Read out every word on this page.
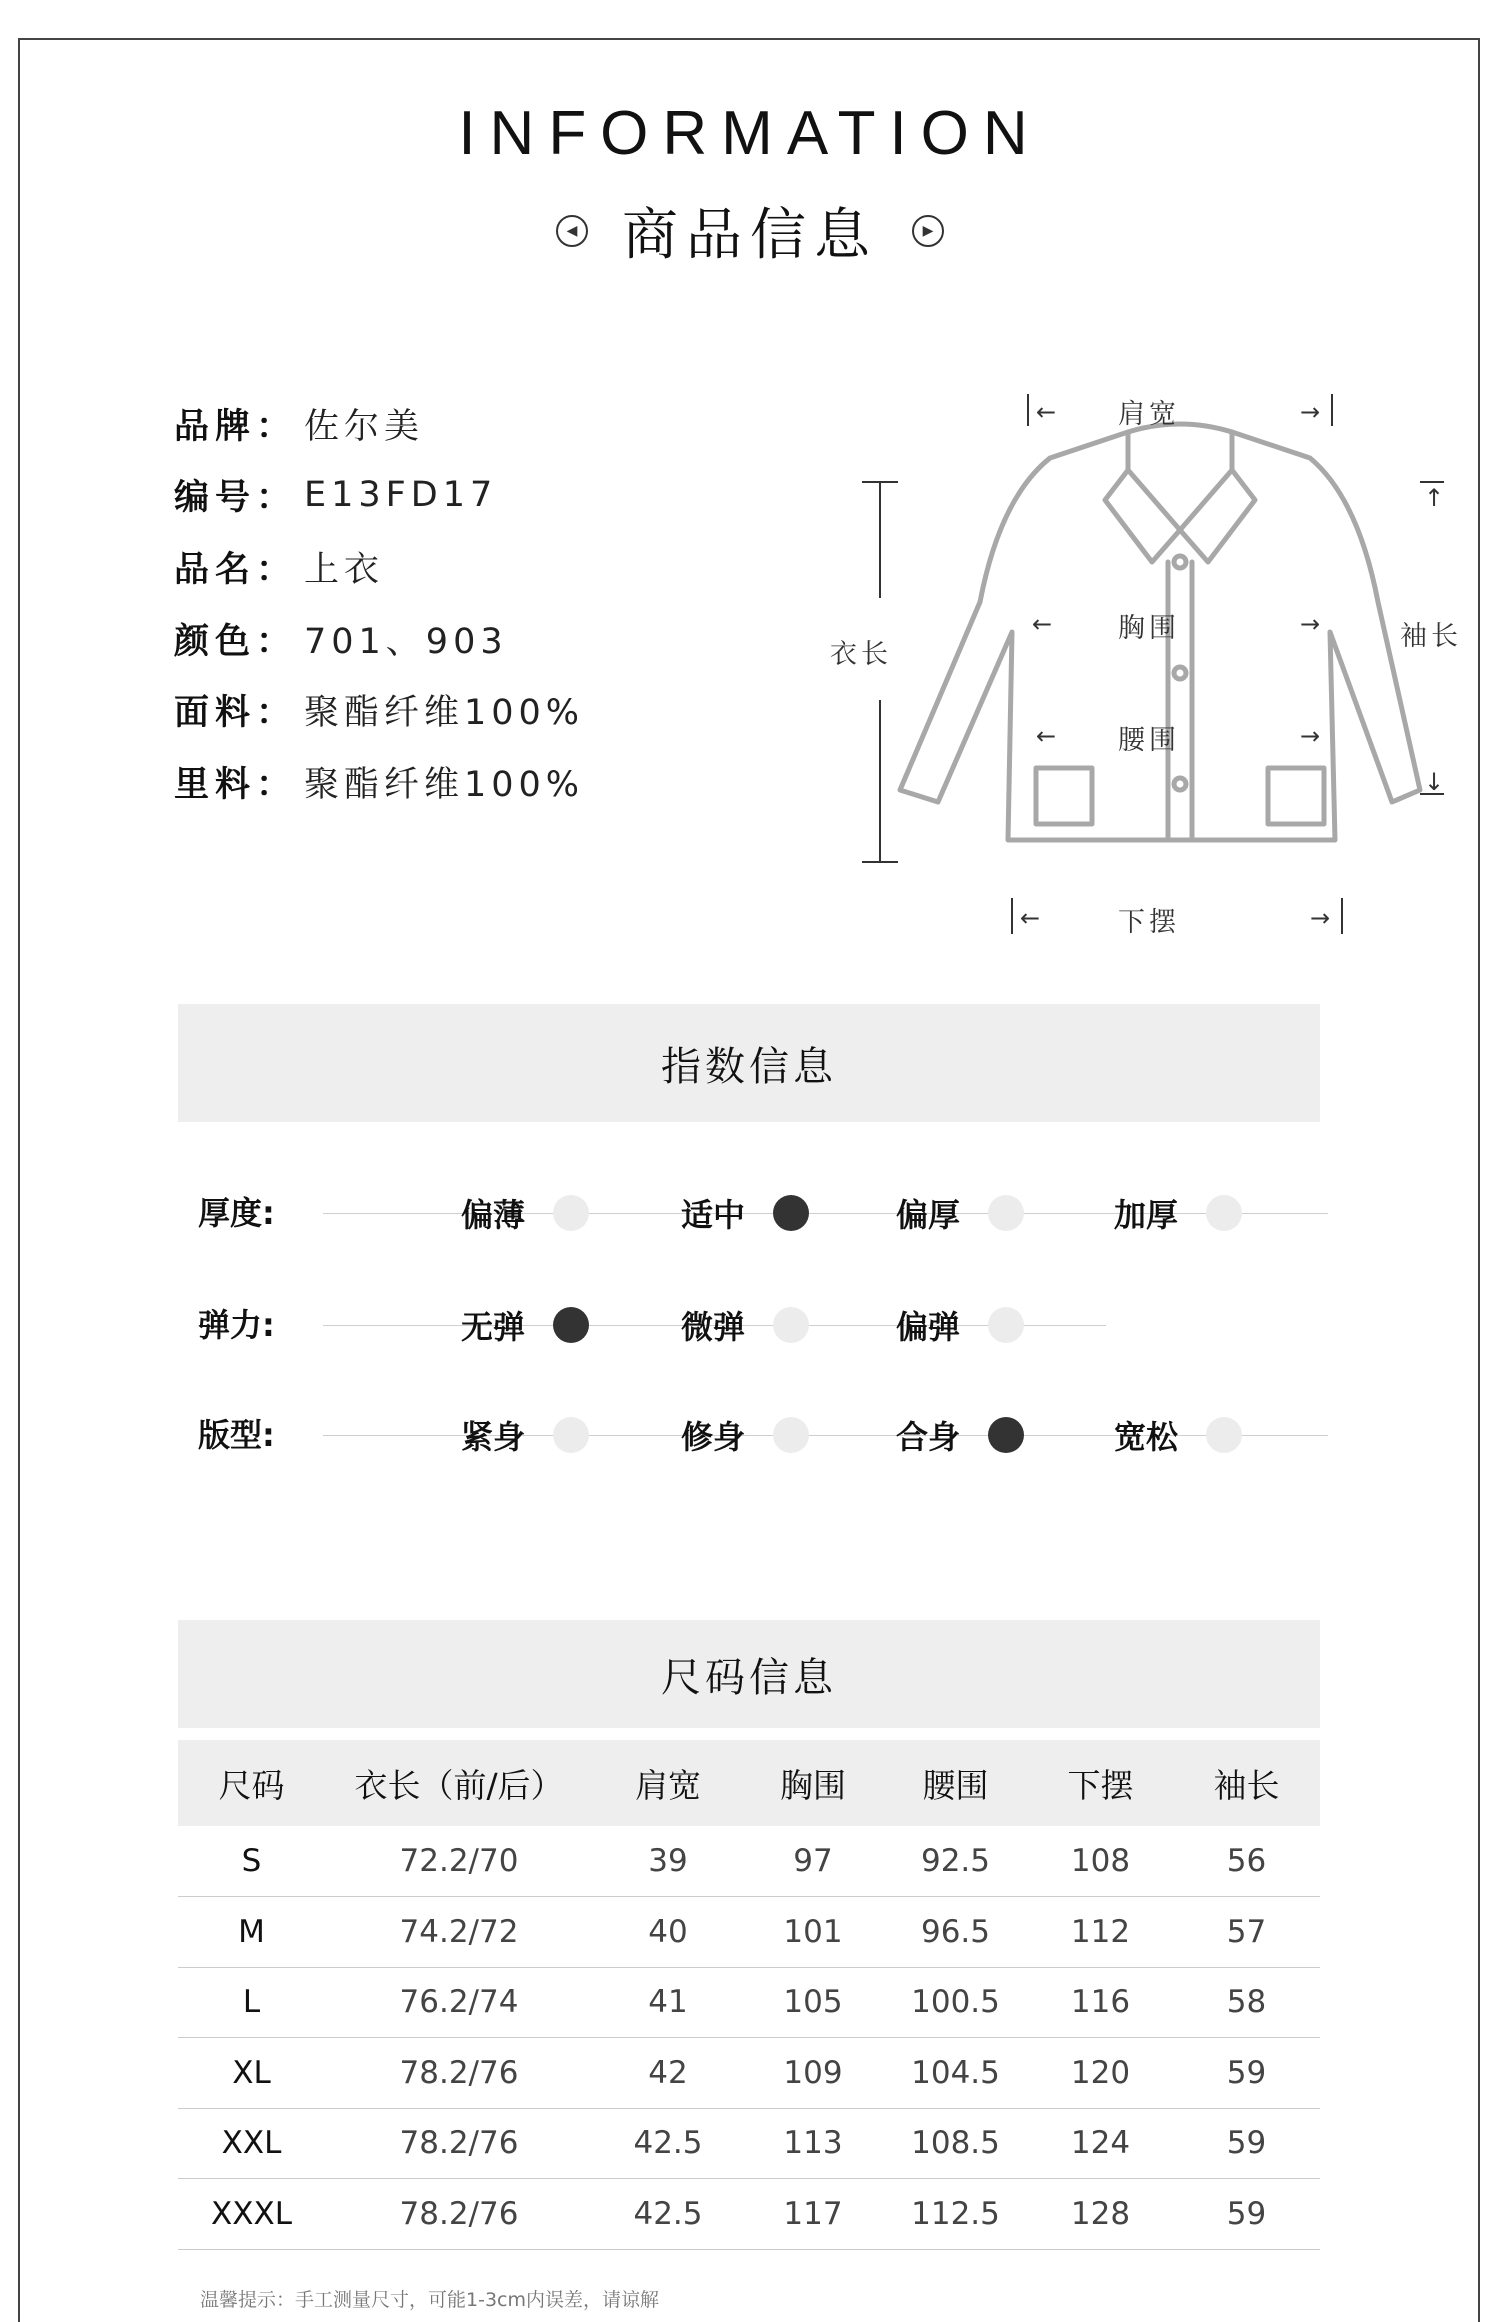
INFORMATION
◀ 商品信息	▶
品牌： 佐尔美
编号： E13FD17
品名： 上衣
颜色： 701、903
面料： 聚酯纤维100%
里料： 聚酯纤维100%
←	→
←	→
←	→
←	→
↑
↓
肩宽
衣长
胸围
腰围
袖长
下摆
指数信息
厚度:	偏薄	适中	偏厚	加厚
弹力:	无弹	微弹	偏弹
版型:	紧身	修身	合身	宽松
尺码信息
尺码	衣长（前/后）	肩宽	胸围	腰围	下摆	袖长
S	72.2/70	39	97	92.5	108	56
M	74.2/72	40	101	96.5	112	57
L	76.2/74	41	105	100.5	116	58
XL	78.2/76	42	109	104.5	120	59
XXL	78.2/76	42.5	113	108.5	124	59
XXXL	78.2/76	42.5	117	112.5	128	59
温馨提示：手工测量尺寸，可能1-3cm内误差，请谅解
